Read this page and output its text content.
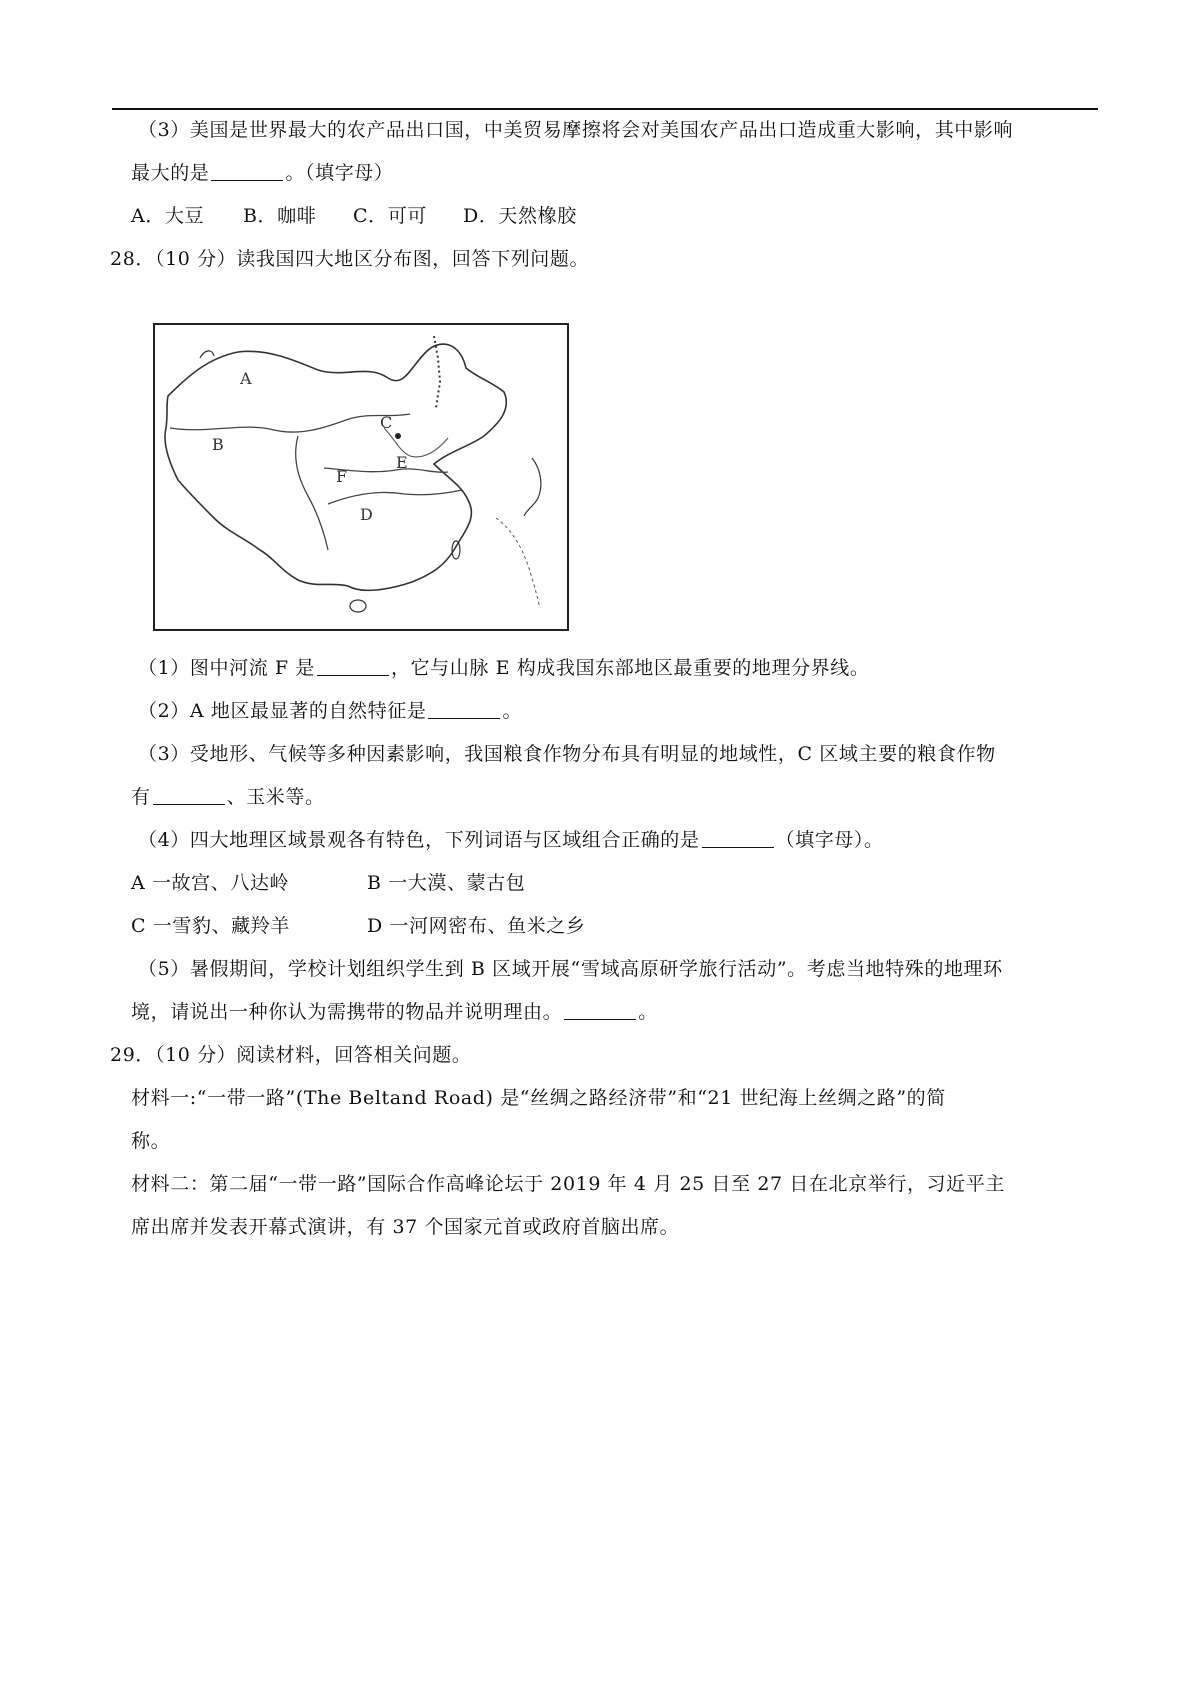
（3）美国是世界最大的农产品出口国，中美贸易摩擦将会对美国农产品出口造成重大影响，其中影响
最大的是	。（填字母）
A．大豆 B．咖啡 C．可可 D．天然橡胶
28．（10 分）读我国四大地区分布图，回答下列问题。
A
B
C
D
E
F
（1）图中河流 F 是	，它与山脉 E 构成我国东部地区最重要的地理分界线。
（2）A 地区最显著的自然特征是	。
（3）受地形、气候等多种因素影响，我国粮食作物分布具有明显的地域性，C 区域主要的粮食作物
有	、玉米等。
（4）四大地理区域景观各有特色，下列词语与区域组合正确的是	（填字母）。
A 一故宫、八达岭	B 一大漠、蒙古包
C 一雪豹、藏羚羊	D 一河网密布、鱼米之乡
（5）暑假期间，学校计划组织学生到 B 区域开展“雪域高原研学旅行活动”。考虑当地特殊的地理环
境，请说出一种你认为需携带的物品并说明理由。	。
29．（10 分）阅读材料，回答相关问题。
材料一:“一带一路”(The Beltand Road) 是“丝绸之路经济带”和“21 世纪海上丝绸之路”的简
称。
材料二：第二届“一带一路”国际合作高峰论坛于 2019 年 4 月 25 日至 27 日在北京举行，习近平主
席出席并发表开幕式演讲，有 37 个国家元首或政府首脑出席。
